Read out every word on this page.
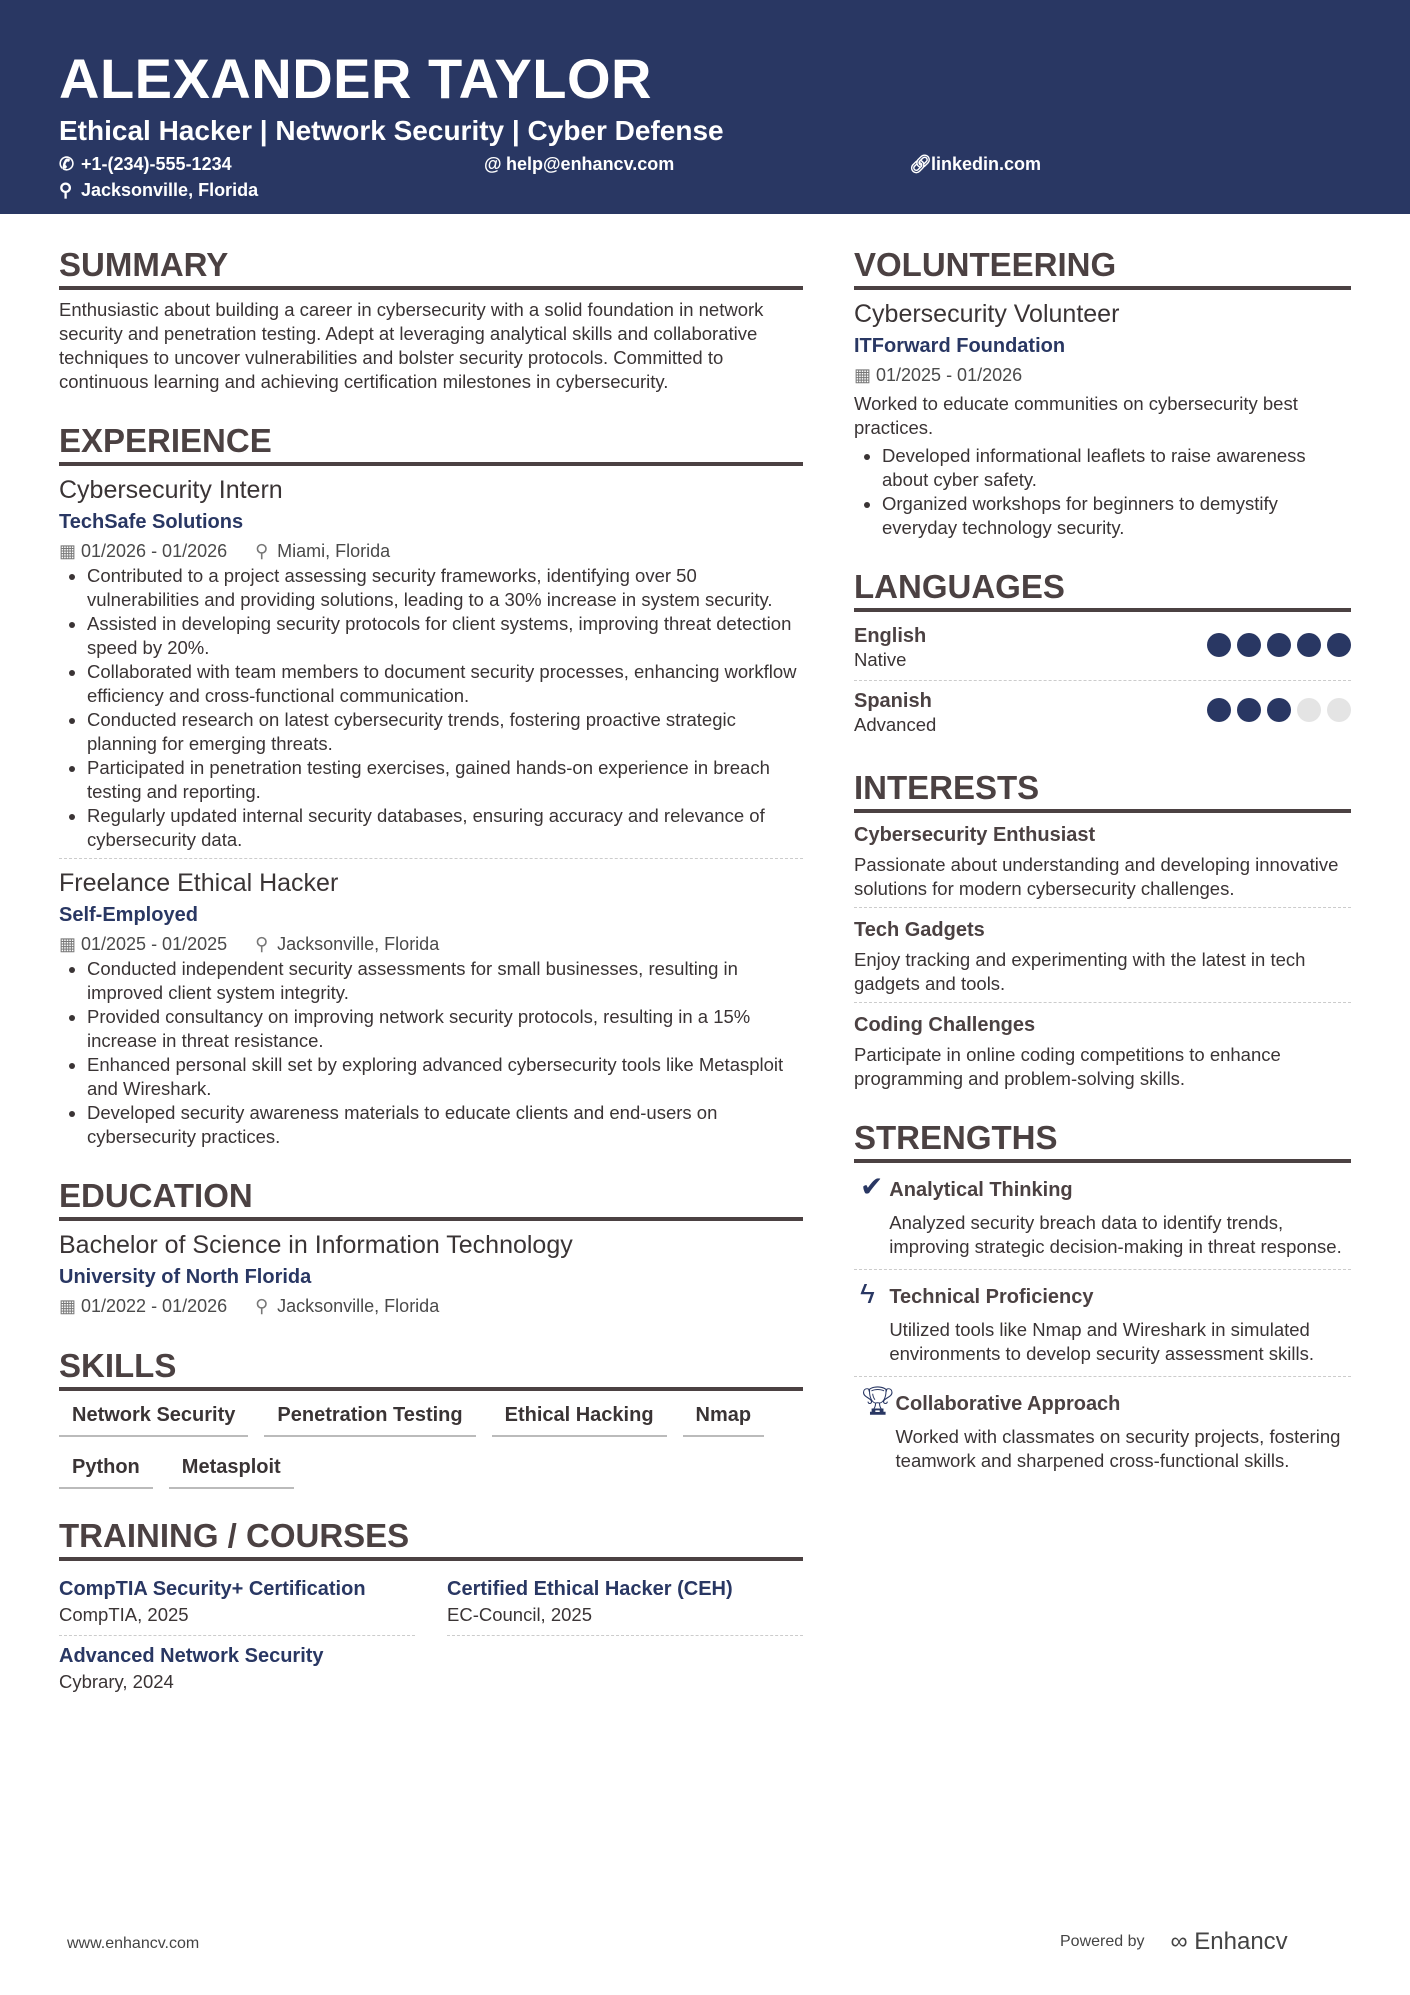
ALEXANDER TAYLOR
Ethical Hacker | Network Security | Cyber Defense
✆ +1-(234)-555-1234	@ help@enhancv.com	🔗︎linkedin.com
⚲ Jacksonville, Florida
SUMMARY
Enthusiastic about building a career in cybersecurity with a solid foundation in network security and penetration testing. Adept at leveraging analytical skills and collaborative techniques to uncover vulnerabilities and bolster security protocols. Committed to continuous learning and achieving certification milestones in cybersecurity.
EXPERIENCE
Cybersecurity Intern
TechSafe Solutions
▦ 01/2026 - 01/2026 ⚲ Miami, Florida
• Contributed to a project assessing security frameworks, identifying over 50 vulnerabilities and providing solutions, leading to a 30% increase in system security.
• Assisted in developing security protocols for client systems, improving threat detection speed by 20%.
• Collaborated with team members to document security processes, enhancing workflow efficiency and cross-functional communication.
• Conducted research on latest cybersecurity trends, fostering proactive strategic planning for emerging threats.
• Participated in penetration testing exercises, gained hands-on experience in breach testing and reporting.
• Regularly updated internal security databases, ensuring accuracy and relevance of cybersecurity data.
Freelance Ethical Hacker
Self-Employed
▦ 01/2025 - 01/2025 ⚲ Jacksonville, Florida
• Conducted independent security assessments for small businesses, resulting in improved client system integrity.
• Provided consultancy on improving network security protocols, resulting in a 15% increase in threat resistance.
• Enhanced personal skill set by exploring advanced cybersecurity tools like Metasploit and Wireshark.
• Developed security awareness materials to educate clients and end-users on cybersecurity practices.
EDUCATION
Bachelor of Science in Information Technology
University of North Florida
▦ 01/2022 - 01/2026 ⚲ Jacksonville, Florida
SKILLS
Network Security	Penetration Testing	Ethical Hacking	Nmap
Python	Metasploit
TRAINING / COURSES
CompTIA Security+ Certification
CompTIA, 2025
Certified Ethical Hacker (CEH)
EC-Council, 2025
Advanced Network Security
Cybrary, 2024
VOLUNTEERING
Cybersecurity Volunteer
ITForward Foundation
▦ 01/2025 - 01/2026
Worked to educate communities on cybersecurity best practices.
• Developed informational leaflets to raise awareness about cyber safety.
• Organized workshops for beginners to demystify everyday technology security.
LANGUAGES
English
Native
Spanish
Advanced
INTERESTS
Cybersecurity Enthusiast
Passionate about understanding and developing innovative solutions for modern cybersecurity challenges.
Tech Gadgets
Enjoy tracking and experimenting with the latest in tech gadgets and tools.
Coding Challenges
Participate in online coding competitions to enhance programming and problem-solving skills.
STRENGTHS
✔ Analytical Thinking
Analyzed security breach data to identify trends, improving strategic decision-making in threat response.
ϟ Technical Proficiency
Utilized tools like Nmap and Wireshark in simulated environments to develop security assessment skills.
🏆︎ Collaborative Approach
Worked with classmates on security projects, fostering teamwork and sharpened cross-functional skills.
www.enhancv.com	Powered by ∞ Enhancv
